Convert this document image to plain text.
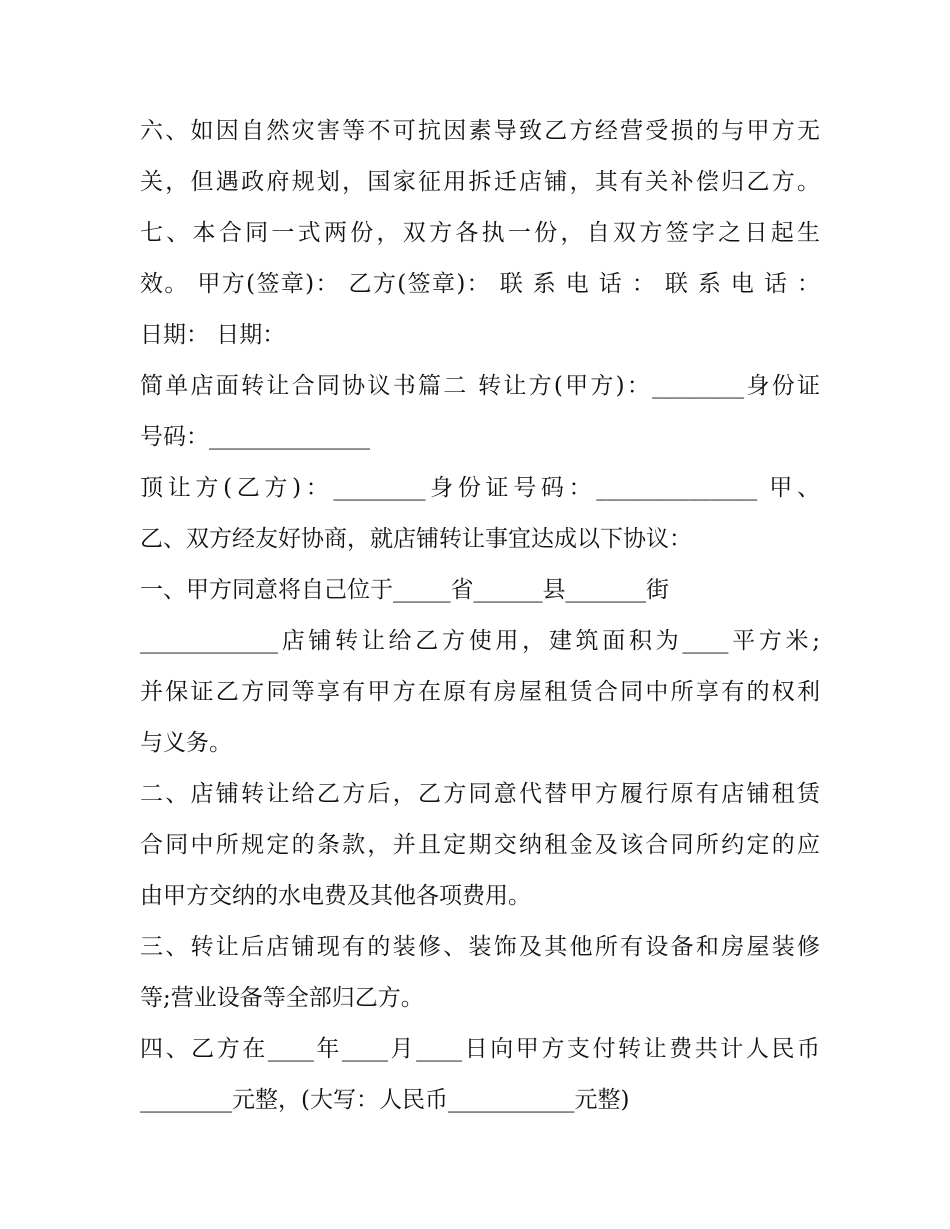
六、如因自然灾害等不可抗因素导致乙方经营受损的与甲方无
关，但遇政府规划，国家征用拆迁店铺，其有关补偿归乙方。
七、本合同一式两份，双方各执一份，自双方签字之日起生
效。 甲方(签章)： 乙方(签章)： 联 系 电 话 ： 联 系 电 话 ：
日期： 日期：
简单店面转让合同协议书篇二 转让方(甲方)：________身份证
号码：______________
顶让方(乙方)：________身份证号码：______________ 甲、
乙、双方经友好协商，就店铺转让事宜达成以下协议：
一、甲方同意将自己位于_____省______县_______街
____________店铺转让给乙方使用，建筑面积为____平方米;
并保证乙方同等享有甲方在原有房屋租赁合同中所享有的权利
与义务。
二、店铺转让给乙方后，乙方同意代替甲方履行原有店铺租赁
合同中所规定的条款，并且定期交纳租金及该合同所约定的应
由甲方交纳的水电费及其他各项费用。
三、转让后店铺现有的装修、装饰及其他所有设备和房屋装修
等;营业设备等全部归乙方。
四、乙方在____年____月____日向甲方支付转让费共计人民币
________元整，(大写：人民币___________元整)
